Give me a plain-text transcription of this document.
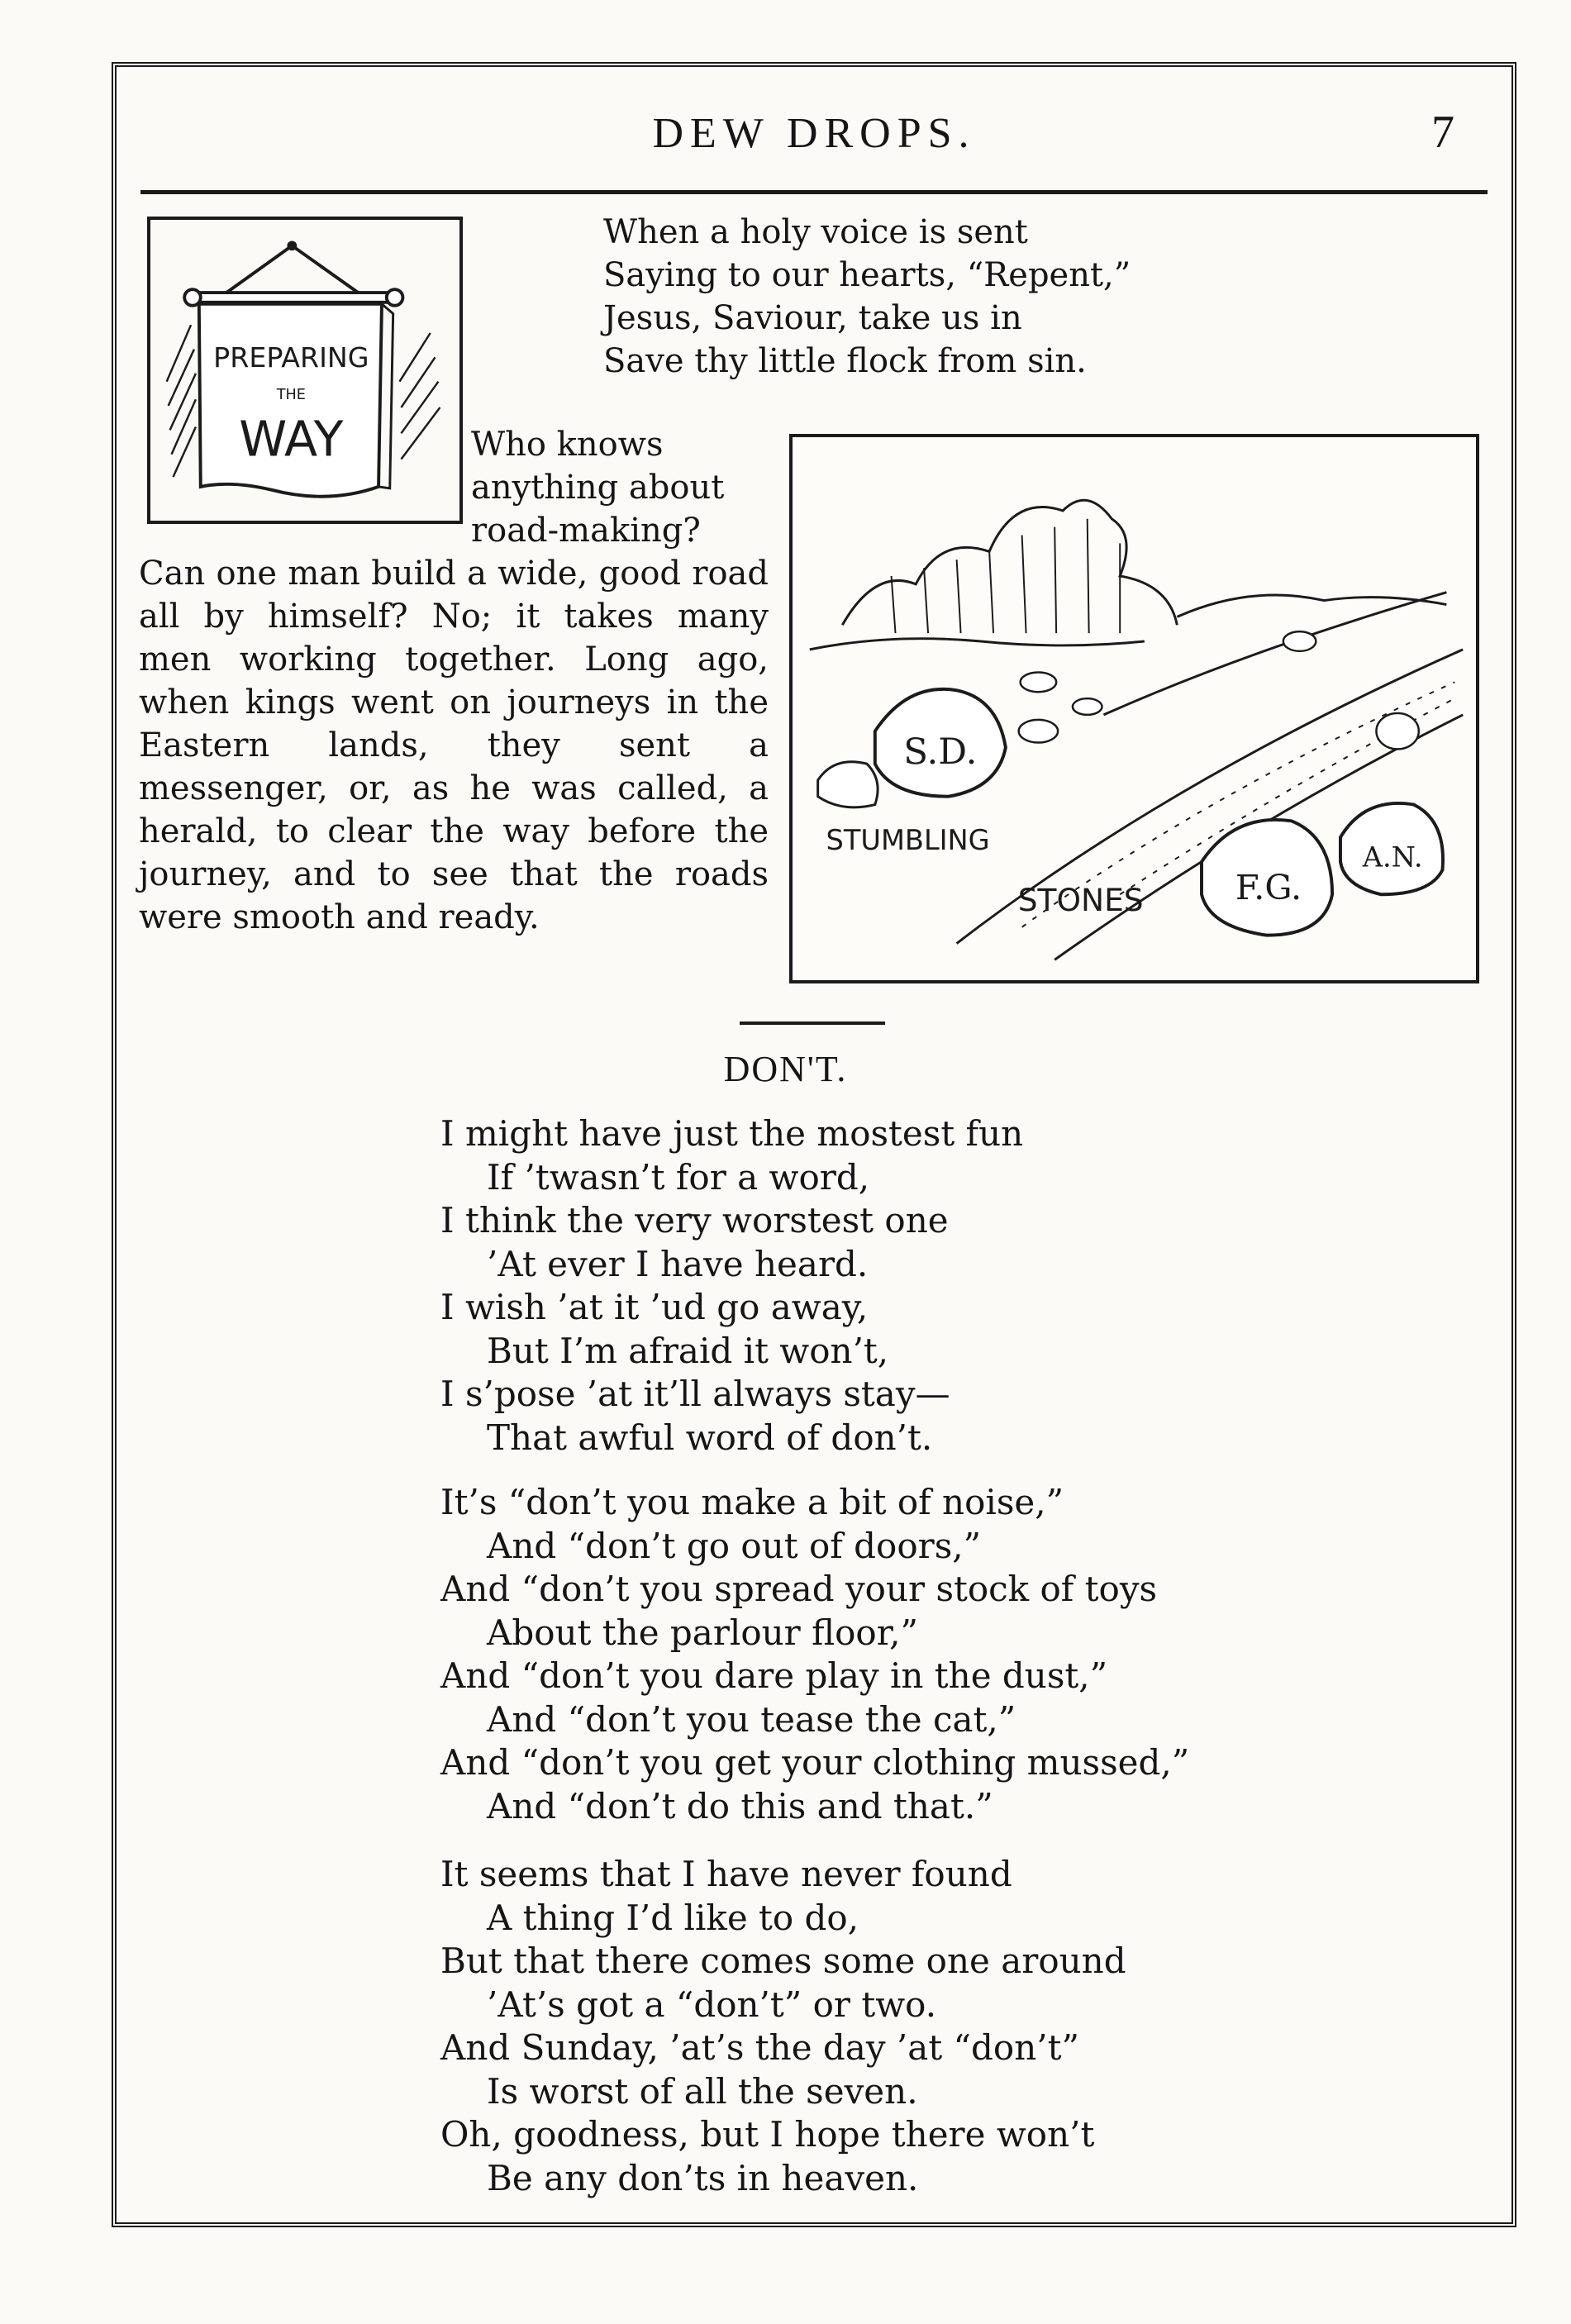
DEW DROPS.	7
PREPARING
THE
WAY
When a holy voice is sent
Saying to our hearts, “Repent,”
Jesus, Saviour, take us in
Save thy little flock from sin.
Who knows anything about road-making?
Can one man build a wide, good road all by himself? No; it takes many men working together. Long ago, when kings went on journeys in the Eastern lands, they sent a messenger, or, as he was called, a herald, to clear the way before the journey, and to see that the roads were smooth and ready.
S.D.
F.G.
A.N.
STUMBLING
STONES
DON'T.
I might have just the mostest fun
If ’twasn’t for a word,
I think the very worstest one
’At ever I have heard.
I wish ’at it ’ud go away,
But I’m afraid it won’t,
I s’pose ’at it’ll always stay—
That awful word of don’t.
It’s “don’t you make a bit of noise,”
And “don’t go out of doors,”
And “don’t you spread your stock of toys
About the parlour floor,”
And “don’t you dare play in the dust,”
And “don’t you tease the cat,”
And “don’t you get your clothing mussed,”
And “don’t do this and that.”
It seems that I have never found
A thing I’d like to do,
But that there comes some one around
’At’s got a “don’t” or two.
And Sunday, ’at’s the day ’at “don’t”
Is worst of all the seven.
Oh, goodness, but I hope there won’t
Be any don’ts in heaven.
